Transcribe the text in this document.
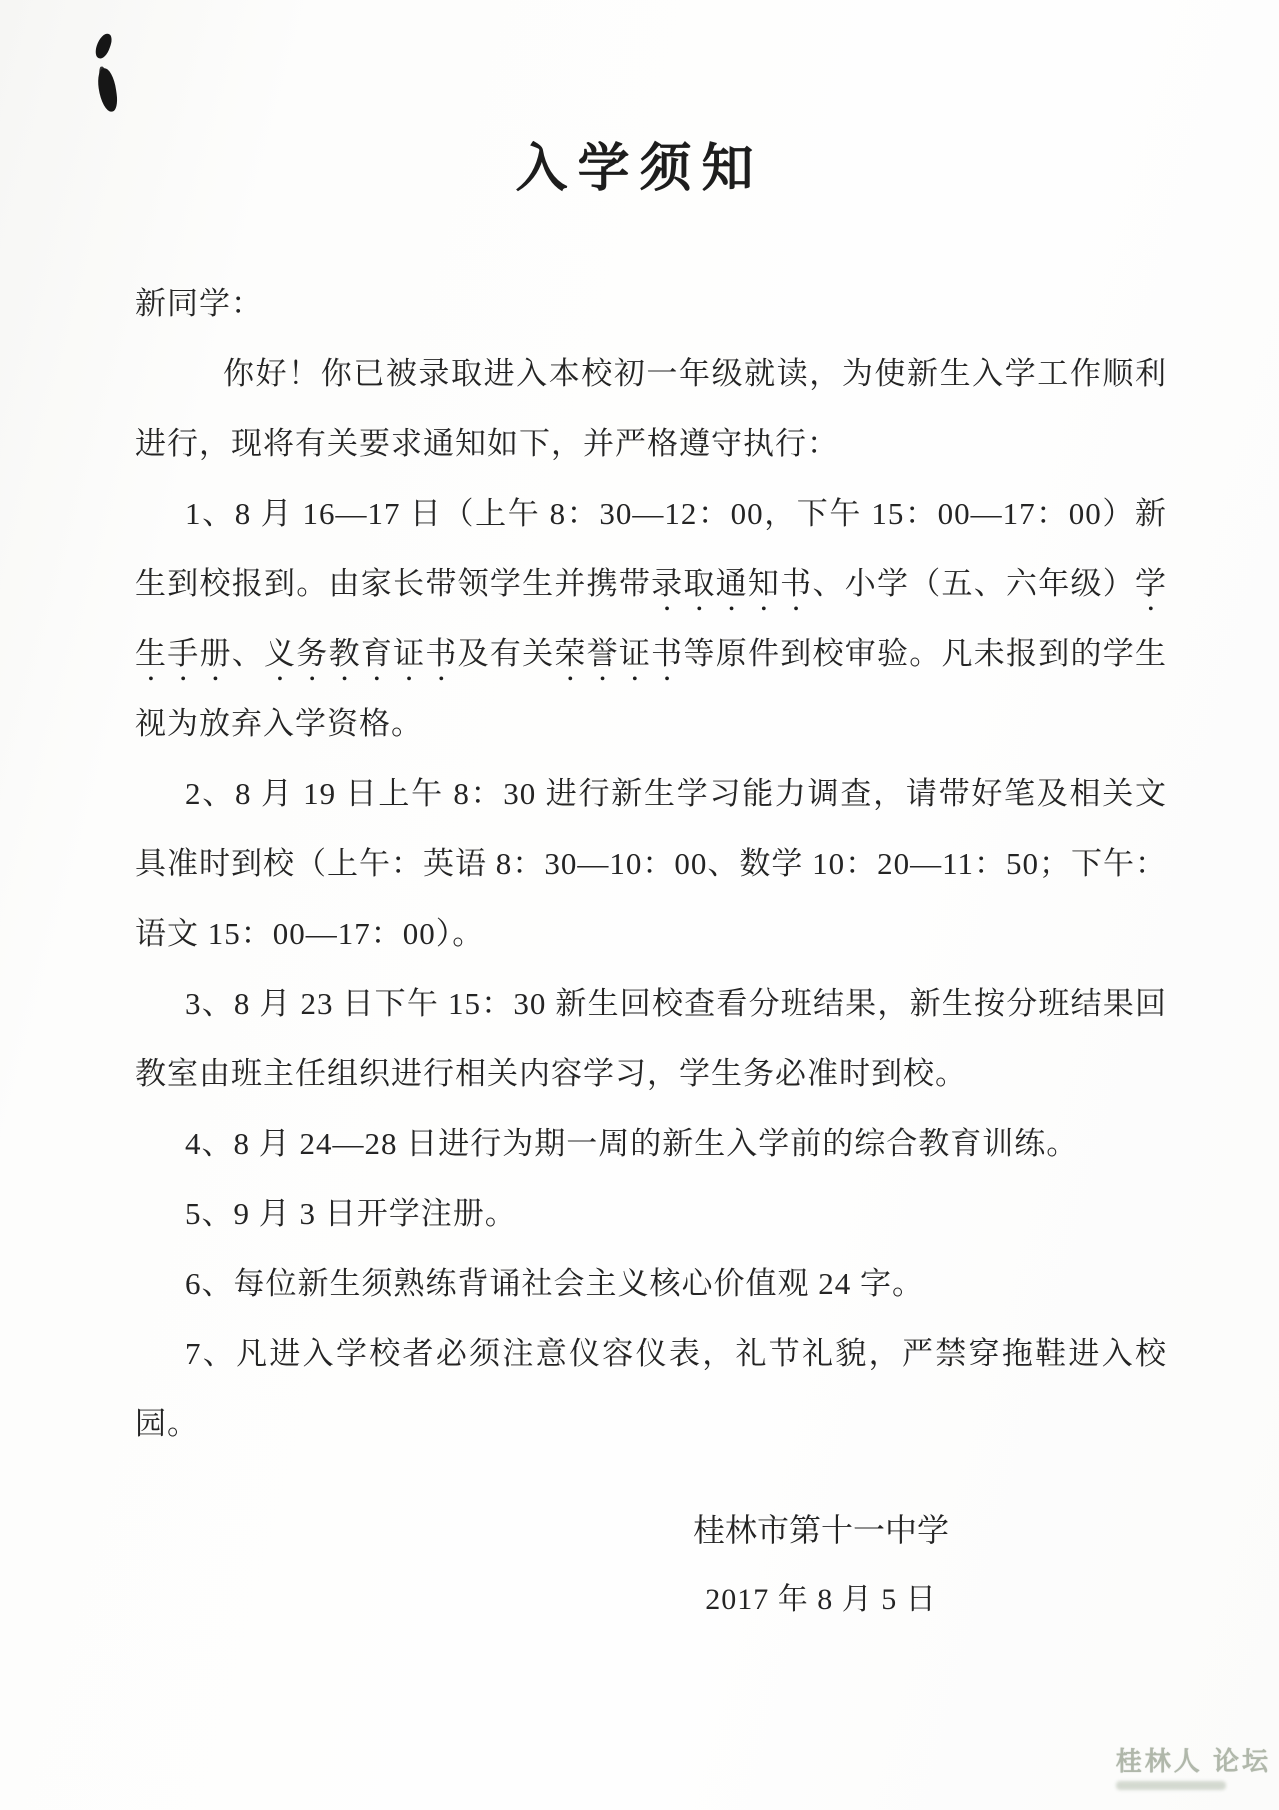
入学须知

新同学：

你好！你已被录取进入本校初一年级就读，为使新生入学工作顺利进行，现将有关要求通知如下，并严格遵守执行：

1、8 月 16—17 日（上午 8：30—12：00，下午 15：00—17：00）新生到校报到。由家长带领学生并携带录取通知书、小学（五、六年级）学生手册、义务教育证书及有关荣誉证书等原件到校审验。凡未报到的学生视为放弃入学资格。

2、8 月 19 日上午 8：30 进行新生学习能力调查，请带好笔及相关文具准时到校（上午：英语 8：30—10：00、数学 10：20—11：50；下午：语文 15：00—17：00）。

3、8 月 23 日下午 15：30 新生回校查看分班结果，新生按分班结果回教室由班主任组织进行相关内容学习，学生务必准时到校。

4、8 月 24—28 日进行为期一周的新生入学前的综合教育训练。

5、9 月 3 日开学注册。

6、每位新生须熟练背诵社会主义核心价值观 24 字。

7、凡进入学校者必须注意仪容仪表，礼节礼貌，严禁穿拖鞋进入校园。

桂林市第十一中学

2017 年 8 月 5 日

桂林人 论坛
